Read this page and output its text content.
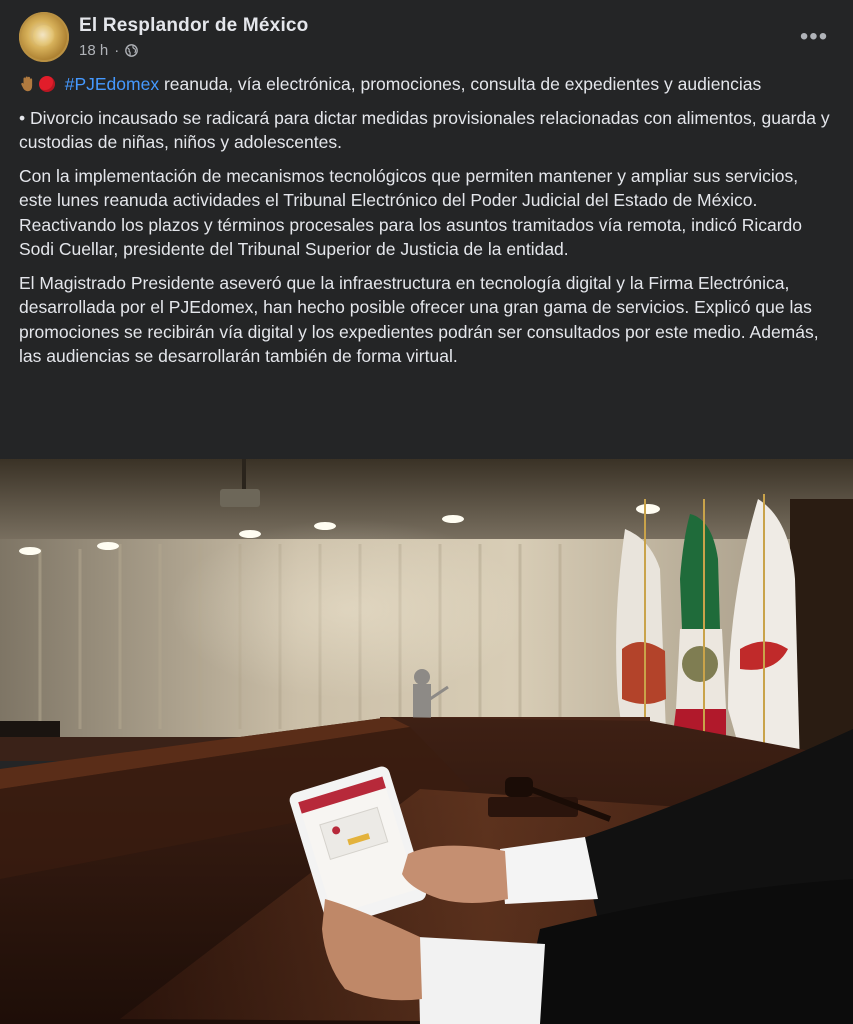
El Resplandor de México
18 h ·
•••

#PJEdomex reanuda, vía electrónica, promociones, consulta de expedientes y audiencias

• Divorcio incausado se radicará para dictar medidas provisionales relacionadas con alimentos, guarda y custodias de niñas, niños y adolescentes.

Con la implementación de mecanismos tecnológicos que permiten mantener y ampliar sus servicios, este lunes reanuda actividades el Tribunal Electrónico del Poder Judicial del Estado de México. Reactivando los plazos y términos procesales para los asuntos tramitados vía remota, indicó Ricardo Sodi Cuellar, presidente del Tribunal Superior de Justicia de la entidad.

El Magistrado Presidente aseveró que la infraestructura en tecnología digital y la Firma Electrónica, desarrollada por el PJEdomex, han hecho posible ofrecer una gran gama de servicios. Explicó que las promociones se recibirán vía digital y los expedientes podrán ser consultados por este medio. Además, las audiencias se desarrollarán también de forma virtual.
